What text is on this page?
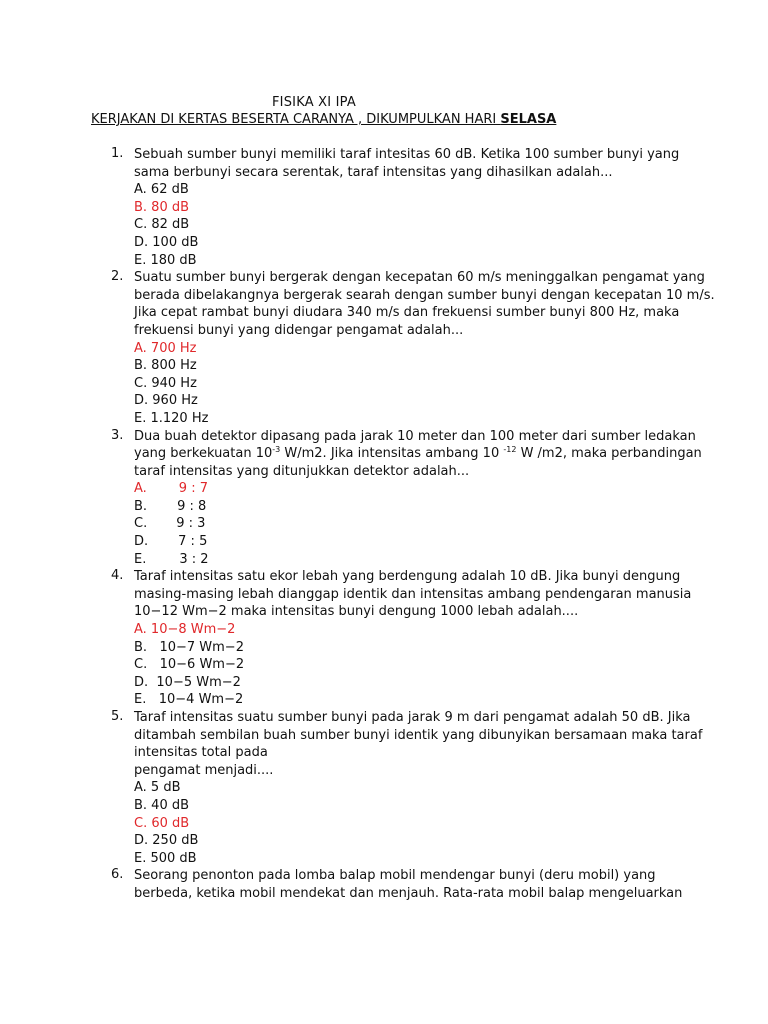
FISIKA XI IPA
KERJAKAN DI KERTAS BESERTA CARANYA , DIKUMPULKAN HARI SELASA
1. Sebuah sumber bunyi memiliki taraf intesitas 60 dB. Ketika 100 sumber bunyi yang
sama berbunyi secara serentak, taraf intensitas yang dihasilkan adalah...
A. 62 dB
B. 80 dB
C. 82 dB
D. 100 dB
E. 180 dB
2. Suatu sumber bunyi bergerak dengan kecepatan 60 m/s meninggalkan pengamat yang
berada dibelakangnya bergerak searah dengan sumber bunyi dengan kecepatan 10 m/s.
Jika cepat rambat bunyi diudara 340 m/s dan frekuensi sumber bunyi 800 Hz, maka
frekuensi bunyi yang didengar pengamat adalah...
A. 700 Hz
B. 800 Hz
C. 940 Hz
D. 960 Hz
E. 1.120 Hz
3. Dua buah detektor dipasang pada jarak 10 meter dan 100 meter dari sumber ledakan
yang berkekuatan $10^{-3}$ W/m2. Jika intensitas ambang 10 $^{-12}$ W /m2, maka perbandingan
taraf intensitas yang ditunjukkan detektor adalah...
A. 9 : 7
B. 9 : 8
C. 9 : 3
D. 7 : 5
E.	3 : 2
4. Taraf intensitas satu ekor lebah yang berdengung adalah 10 dB. Jika bunyi dengung
masing-masing lebah dianggap identik dan intensitas ambang pendengaran manusia
10−12 Wm−2 maka intensitas bunyi dengung 1000 lebah adalah....
A. 10−8 Wm−2
B.   10−7 Wm−2
C.   10−6 Wm−2
D.  10−5 Wm−2
E.   10−4 Wm−2
5. Taraf intensitas suatu sumber bunyi pada jarak 9 m dari pengamat adalah 50 dB. Jika
ditambah sembilan buah sumber bunyi identik yang dibunyikan bersamaan maka taraf
intensitas total pada
pengamat menjadi....
A. 5 dB
B. 40 dB
C. 60 dB
D. 250 dB
E. 500 dB
6. Seorang penonton pada lomba balap mobil mendengar bunyi (deru mobil) yang
berbeda, ketika mobil mendekat dan menjauh. Rata-rata mobil balap mengeluarkan
